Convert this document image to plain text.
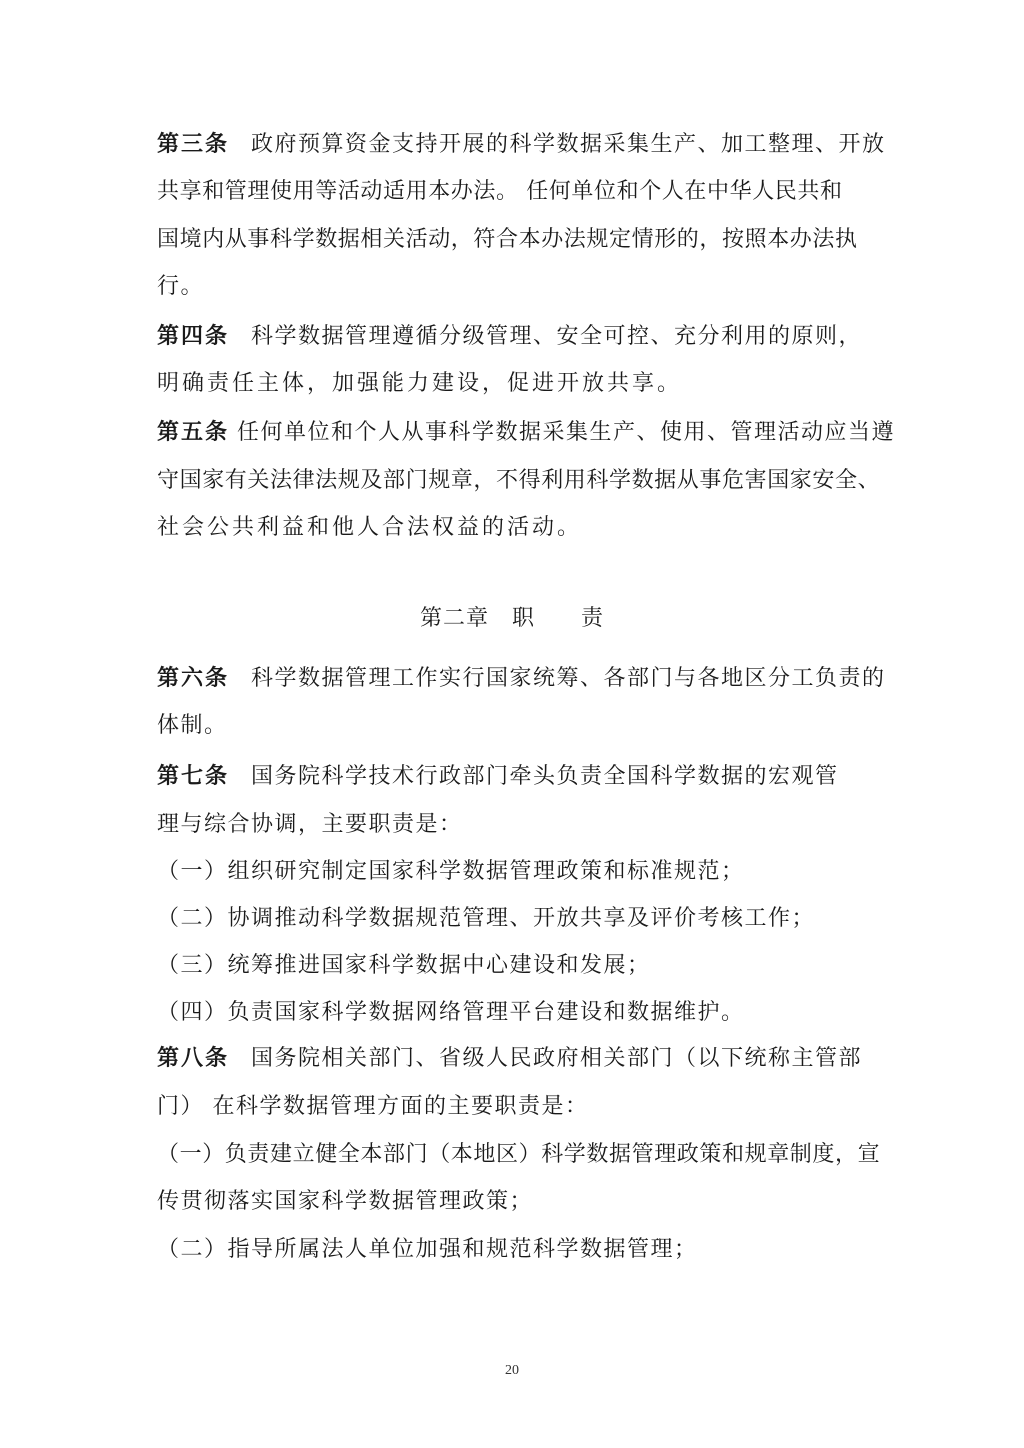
第三条 政府预算资金支持开展的科学数据采集生产、加工整理、开放
共享和管理使用等活动适用本办法。 任何单位和个人在中华人民共和
国境内从事科学数据相关活动，符合本办法规定情形的，按照本办法执
行。
第四条 科学数据管理遵循分级管理、安全可控、充分利用的原则，
明确责任主体，加强能力建设，促进开放共享。
第五条 任何单位和个人从事科学数据采集生产、使用、管理活动应当遵
守国家有关法律法规及部门规章，不得利用科学数据从事危害国家安全、
社会公共利益和他人合法权益的活动。
第二章　职　　责
第六条 科学数据管理工作实行国家统筹、各部门与各地区分工负责的
体制。
第七条 国务院科学技术行政部门牵头负责全国科学数据的宏观管
理与综合协调，主要职责是：
（一）组织研究制定国家科学数据管理政策和标准规范；
（二）协调推动科学数据规范管理、开放共享及评价考核工作；
（三）统筹推进国家科学数据中心建设和发展；
（四）负责国家科学数据网络管理平台建设和数据维护。
第八条 国务院相关部门、省级人民政府相关部门（以下统称主管部
门） 在科学数据管理方面的主要职责是：
（一）负责建立健全本部门（本地区）科学数据管理政策和规章制度，宣
传贯彻落实国家科学数据管理政策；
（二）指导所属法人单位加强和规范科学数据管理；
20
